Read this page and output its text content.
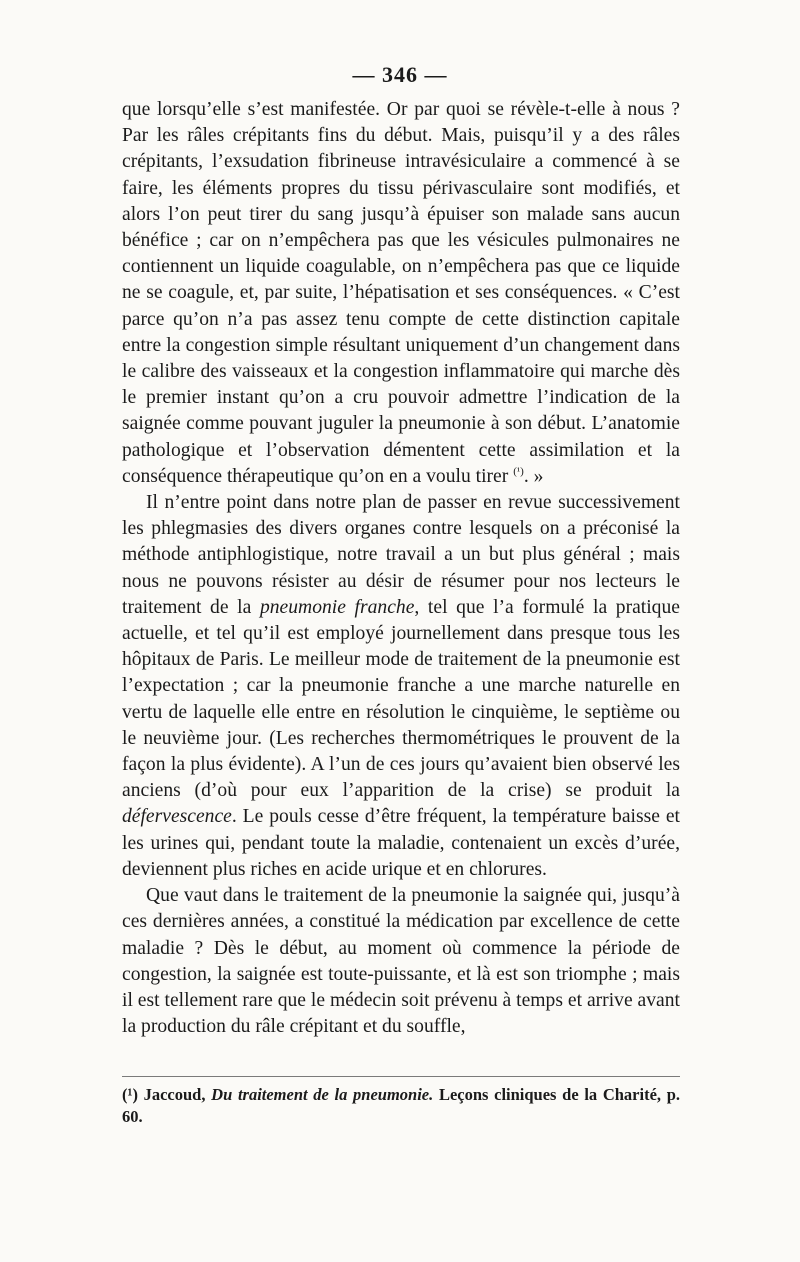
— 346 —

que lorsqu’elle s’est manifestée. Or par quoi se révèle-t-elle à nous ? Par les râles crépitants fins du début. Mais, puisqu’il y a des râles crépitants, l’exsudation fibrineuse intravésiculaire a commencé à se faire, les éléments propres du tissu périvasculaire sont modifiés, et alors l’on peut tirer du sang jusqu’à épuiser son malade sans aucun bénéfice ; car on n’empêchera pas que les vésicules pulmonaires ne contiennent un liquide coagulable, on n’empêchera pas que ce liquide ne se coagule, et, par suite, l’hépatisation et ses conséquences. « C’est parce qu’on n’a pas assez tenu compte de cette distinction capitale entre la congestion simple résultant uniquement d’un changement dans le calibre des vaisseaux et la congestion inflammatoire qui marche dès le premier instant qu’on a cru pouvoir admettre l’indication de la saignée comme pouvant juguler la pneumonie à son début. L’anatomie pathologique et l’observation démentent cette assimilation et la conséquence thérapeutique qu’on en a voulu tirer $^{(^1)}$. »

Il n’entre point dans notre plan de passer en revue successivement les phlegmasies des divers organes contre lesquels on a préconisé la méthode antiphlogistique, notre travail a un but plus général ; mais nous ne pouvons résister au désir de résumer pour nos lecteurs le traitement de la pneumonie franche, tel que l’a formulé la pratique actuelle, et tel qu’il est employé journellement dans presque tous les hôpitaux de Paris. Le meilleur mode de traitement de la pneumonie est l’expectation ; car la pneumonie franche a une marche naturelle en vertu de laquelle elle entre en résolution le cinquième, le septième ou le neuvième jour. (Les recherches thermométriques le prouvent de la façon la plus évidente). A l’un de ces jours qu’avaient bien observé les anciens (d’où pour eux l’apparition de la crise) se produit la défervescence. Le pouls cesse d’être fréquent, la température baisse et les urines qui, pendant toute la maladie, contenaient un excès d’urée, deviennent plus riches en acide urique et en chlorures.

Que vaut dans le traitement de la pneumonie la saignée qui, jusqu’à ces dernières années, a constitué la médication par excellence de cette maladie ? Dès le début, au moment où commence la période de congestion, la saignée est toute-puissante, et là est son triomphe ; mais il est tellement rare que le médecin soit prévenu à temps et arrive avant la production du râle crépitant et du souffle,

(¹) Jaccoud, Du traitement de la pneumonie. Leçons cliniques de la Charité, p. 60.
